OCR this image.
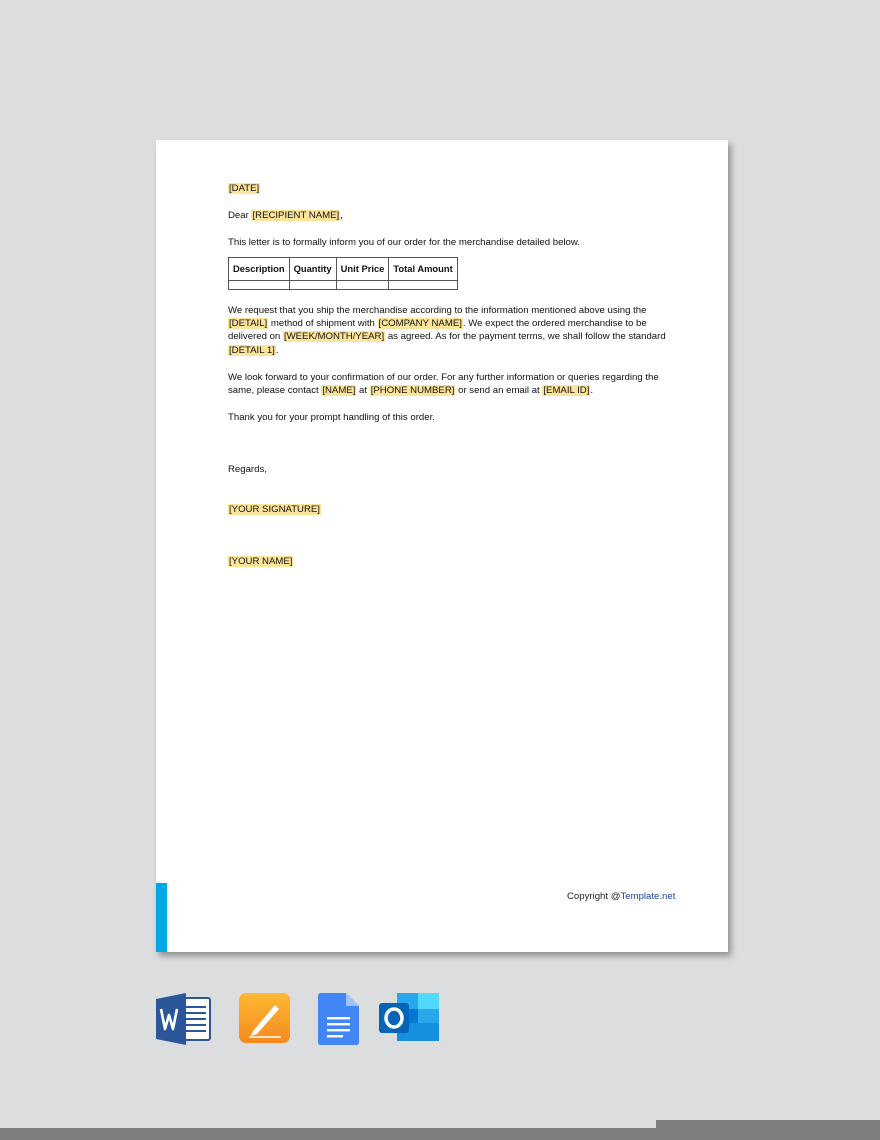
[DATE]

Dear [RECIPIENT NAME],

This letter is to formally inform you of our order for the merchandise detailed below.

Description	Quantity	Unit Price	Total Amount

We request that you ship the merchandise according to the information mentioned above using the [DETAIL] method of shipment with [COMPANY NAME]. We expect the ordered merchandise to be delivered on [WEEK/MONTH/YEAR] as agreed. As for the payment terms, we shall follow the standard [DETAIL 1].

We look forward to your confirmation of our order. For any further information or queries regarding the same, please contact [NAME] at [PHONE NUMBER] or send an email at [EMAIL ID].

Thank you for your prompt handling of this order.

Regards,

[YOUR SIGNATURE]

[YOUR NAME]

Copyright @Template.net
